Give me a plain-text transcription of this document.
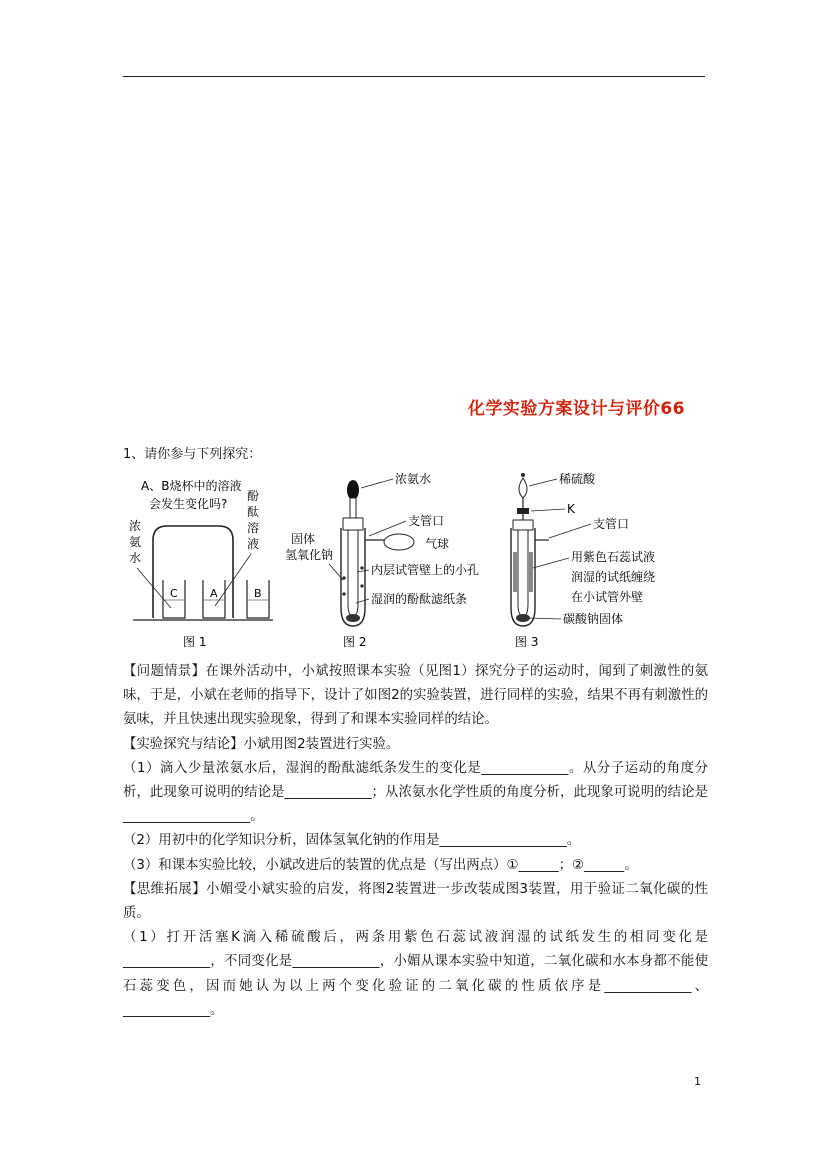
化学实验方案设计与评价66
1、请你参与下列探究：
A、B烧杯中的溶液
会发生变化吗?
C	A	B
浓
氨
水
酚
酞
溶
液
图 1
浓氨水
支管口
气球
固体
氢氧化钠
内层试管壁上的小孔
湿润的酚酞滤纸条
图 2
稀硫酸
K
支管口
用紫色石蕊试液
润湿的试纸缠绕
在小试管外壁
碳酸钠固体
图 3

【问题情景】在课外活动中，小斌按照课本实验（见图1）探究分子的运动时，闻到了刺激性的氨味，于是，小斌在老师的指导下，设计了如图2的实验装置，进行同样的实验，结果不再有刺激性的氨味，并且快速出现实验现象，得到了和课本实验同样的结论。

【实验探究与结论】小斌用图2装置进行实验。

（1）滴入少量浓氨水后，湿润的酚酞滤纸条发生的变化是_____________。从分子运动的角度分析，此现象可说明的结论是_____________；从浓氨水化学性质的角度分析，此现象可说明的结论是___________________。

（2）用初中的化学知识分析，固体氢氧化钠的作用是___________________。

（3）和课本实验比较，小斌改进后的装置的优点是（写出两点）①______；②______。

【思维拓展】小媚受小斌实验的启发，将图2装置进一步改装成图3装置，用于验证二氧化碳的性质。

（1）打开活塞K滴入稀硫酸后，两条用紫色石蕊试液润湿的试纸发生的相同变化是_____________，不同变化是_____________，小媚从课本实验中知道，二氧化碳和水本身都不能使石蕊变色，因而她认为以上两个变化验证的二氧化碳的性质依序是_____________、_____________。

1
